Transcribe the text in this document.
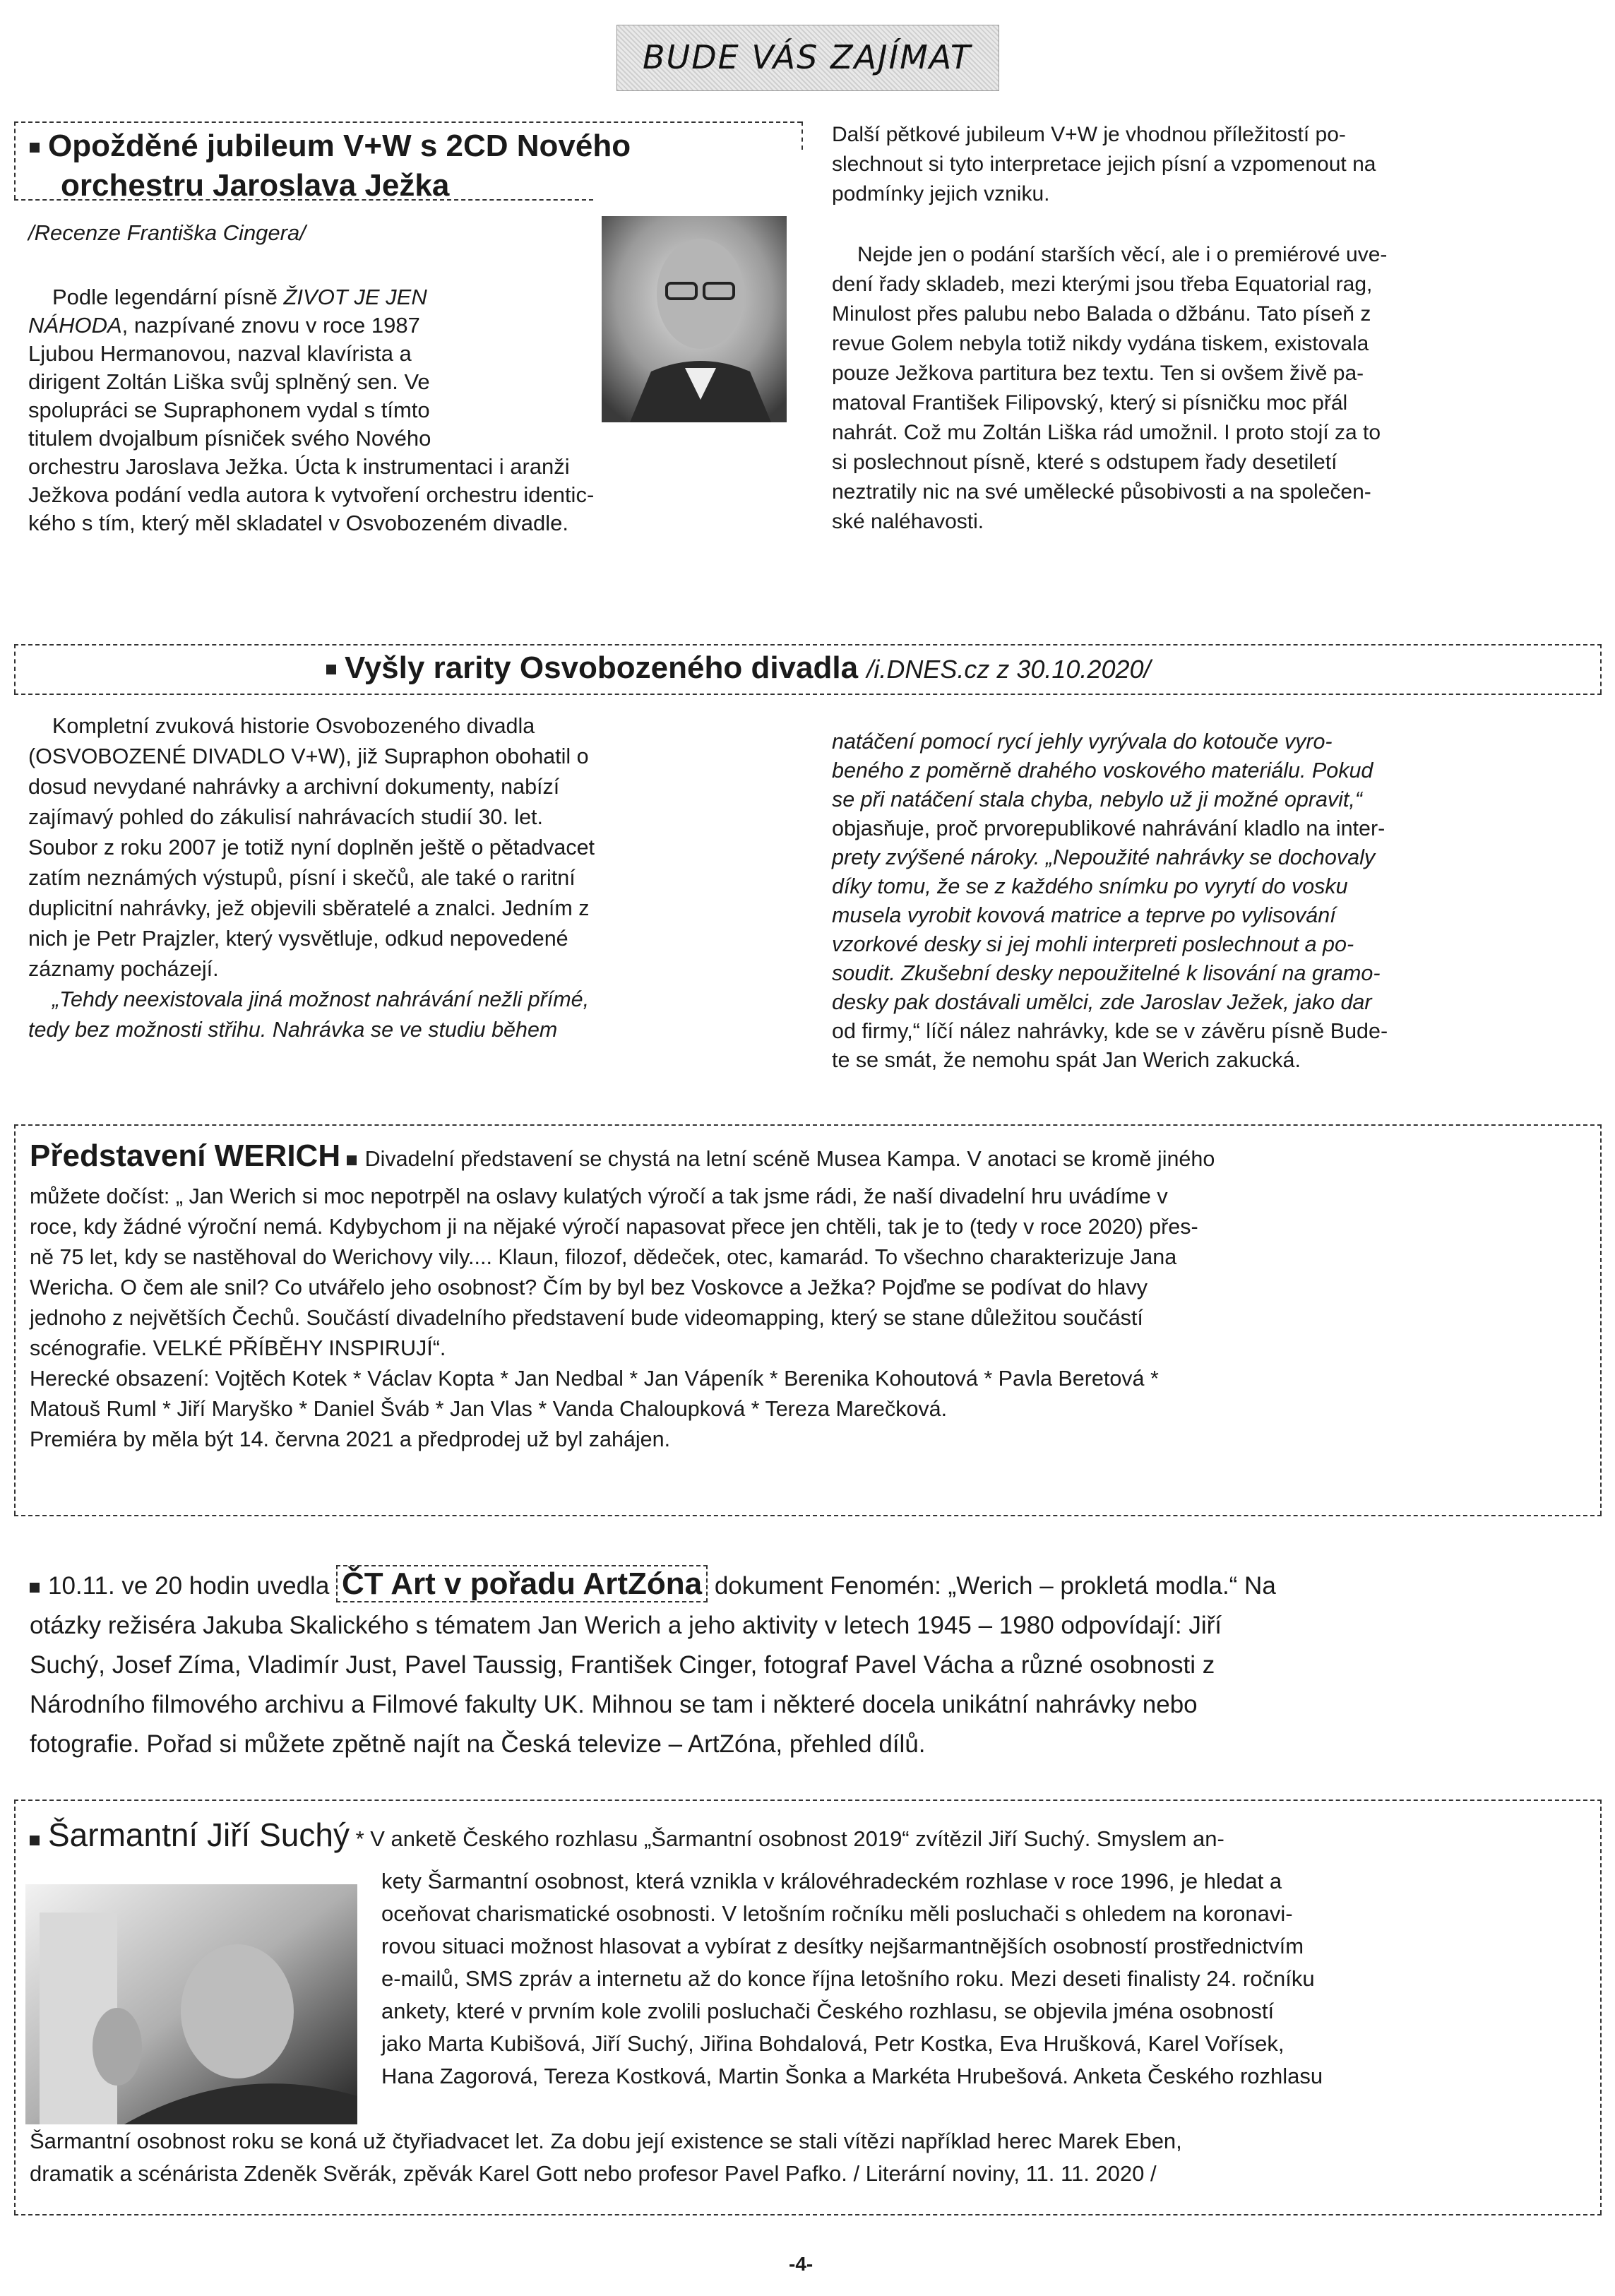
BUDE VÁS ZAJÍMAT
Opožděné jubileum V+W s 2CD Nového
orchestru Jaroslava Ježka
/Recenze Františka Cingera/
Podle legendární písně ŽIVOT JE JEN
NÁHODA, nazpívané znovu v roce 1987
Ljubou Hermanovou, nazval klavírista a
dirigent Zoltán Liška svůj splněný sen. Ve
spolupráci se Supraphonem vydal s tímto
titulem dvojalbum písniček svého Nového
orchestru Jaroslava Ježka. Úcta k instrumentaci i aranži
Ježkova podání vedla autora k vytvoření orchestru identic-
kého s tím, který měl skladatel v Osvobozeném divadle.
Další pětkové jubileum V+W je vhodnou příležitostí po-
slechnout si tyto interpretace jejich písní a vzpomenout na
podmínky jejich vzniku.
Nejde jen o podání starších věcí, ale i o premiérové uve-
dení řady skladeb, mezi kterými jsou třeba Equatorial rag,
Minulost přes palubu nebo Balada o džbánu. Tato píseň z
revue Golem nebyla totiž nikdy vydána tiskem, existovala
pouze Ježkova partitura bez textu. Ten si ovšem živě pa-
matoval František Filipovský, který si písničku moc přál
nahrát. Což mu Zoltán Liška rád umožnil. I proto stojí za to
si poslechnout písně, které s odstupem řady desetiletí
neztratily nic na své umělecké působivosti a na společen-
ské naléhavosti.
Vyšly rarity Osvobozeného divadla /i.DNES.cz z 30.10.2020/
Kompletní zvuková historie Osvobozeného divadla
(OSVOBOZENÉ DIVADLO V+W), již Supraphon obohatil o
dosud nevydané nahrávky a archivní dokumenty, nabízí
zajímavý pohled do zákulisí nahrávacích studií 30. let.
Soubor z roku 2007 je totiž nyní doplněn ještě o pětadvacet
zatím neznámých výstupů, písní i skečů, ale také o raritní
duplicitní nahrávky, jež objevili sběratelé a znalci. Jedním z
nich je Petr Prajzler, který vysvětluje, odkud nepovedené
záznamy pocházejí.
„Tehdy neexistovala jiná možnost nahrávání nežli přímé,
tedy bez možnosti střihu. Nahrávka se ve studiu během
natáčení pomocí rycí jehly vyrývala do kotouče vyro-
beného z poměrně drahého voskového materiálu. Pokud
se při natáčení stala chyba, nebylo už ji možné opravit,“
objasňuje, proč prvorepublikové nahrávání kladlo na inter-
prety zvýšené nároky. „Nepoužité nahrávky se dochovaly
díky tomu, že se z každého snímku po vyrytí do vosku
musela vyrobit kovová matrice a teprve po vylisování
vzorkové desky si jej mohli interpreti poslechnout a po-
soudit. Zkušební desky nepoužitelné k lisování na gramo-
desky pak dostávali umělci, zde Jaroslav Ježek, jako dar
od firmy,“ líčí nález nahrávky, kde se v závěru písně Bude-
te se smát, že nemohu spát Jan Werich zakucká.
Představení WERICH Divadelní představení se chystá na letní scéně Musea Kampa. V anotaci se kromě jiného
můžete dočíst: „ Jan Werich si moc nepotrpěl na oslavy kulatých výročí a tak jsme rádi, že naší divadelní hru uvádíme v
roce, kdy žádné výroční nemá. Kdybychom ji na nějaké výročí napasovat přece jen chtěli, tak je to (tedy v roce 2020) přes-
ně 75 let, kdy se nastěhoval do Werichovy vily.... Klaun, filozof, dědeček, otec, kamarád. To všechno charakterizuje Jana
Wericha. O čem ale snil? Co utvářelo jeho osobnost? Čím by byl bez Voskovce a Ježka? Pojďme se podívat do hlavy
jednoho z největších Čechů. Součástí divadelního představení bude videomapping, který se stane důležitou součástí
scénografie. VELKÉ PŘÍBĚHY INSPIRUJÍ“.
Herecké obsazení: Vojtěch Kotek * Václav Kopta * Jan Nedbal * Jan Vápeník * Berenika Kohoutová * Pavla Beretová *
Matouš Ruml * Jiří Maryško * Daniel Šváb * Jan Vlas * Vanda Chaloupková * Tereza Marečková.
Premiéra by měla být 14. června 2021 a předprodej už byl zahájen.
10.11. ve 20 hodin uvedla ČT Art v pořadu ArtZóna dokument Fenomén: „Werich – prokletá modla.“ Na
otázky režiséra Jakuba Skalického s tématem Jan Werich a jeho aktivity v letech 1945 – 1980 odpovídají: Jiří
Suchý, Josef Zíma, Vladimír Just, Pavel Taussig, František Cinger, fotograf Pavel Vácha a různé osobnosti z
Národního filmového archivu a Filmové fakulty UK. Mihnou se tam i některé docela unikátní nahrávky nebo
fotografie. Pořad si můžete zpětně najít na Česká televize – ArtZóna, přehled dílů.
Šarmantní Jiří Suchý * V anketě Českého rozhlasu „Šarmantní osobnost 2019“ zvítězil Jiří Suchý. Smyslem an-
kety Šarmantní osobnost, která vznikla v královéhradeckém rozhlase v roce 1996, je hledat a
oceňovat charismatické osobnosti. V letošním ročníku měli posluchači s ohledem na koronavi-
rovou situaci možnost hlasovat a vybírat z desítky nejšarmantnějších osobností prostřednictvím
e-mailů, SMS zpráv a internetu až do konce října letošního roku. Mezi deseti finalisty 24. ročníku
ankety, které v prvním kole zvolili posluchači Českého rozhlasu, se objevila jména osobností
jako Marta Kubišová, Jiří Suchý, Jiřina Bohdalová, Petr Kostka, Eva Hrušková, Karel Vořísek,
Hana Zagorová, Tereza Kostková, Martin Šonka a Markéta Hrubešová. Anketa Českého rozhlasu
Šarmantní osobnost roku se koná už čtyřiadvacet let. Za dobu její existence se stali vítězi například herec Marek Eben,
dramatik a scénárista Zdeněk Svěrák, zpěvák Karel Gott nebo profesor Pavel Pafko. / Literární noviny, 11. 11. 2020 /
-4-
